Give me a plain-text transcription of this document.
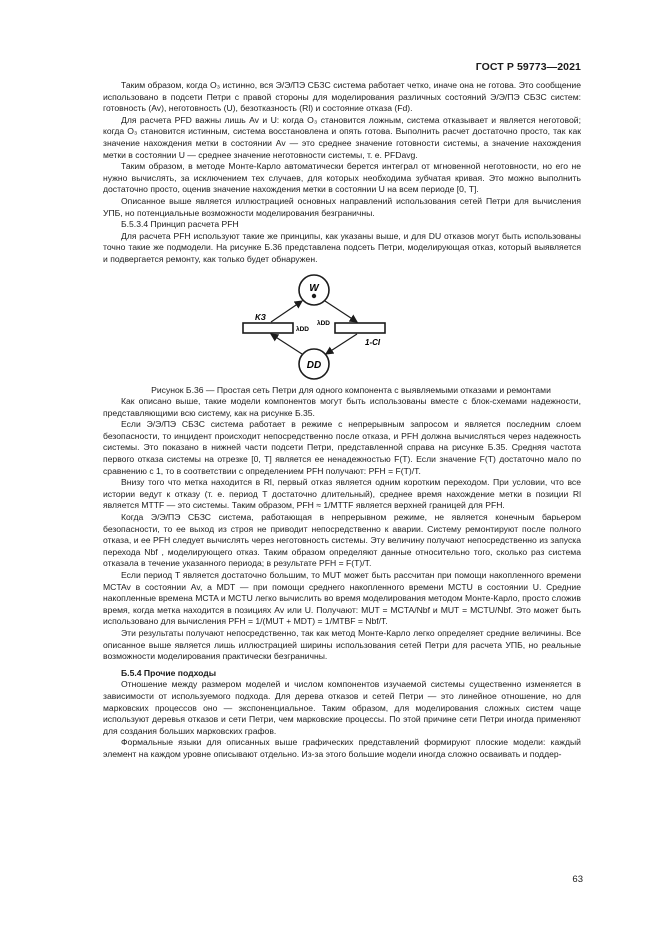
ГОСТ Р 59773—2021

Таким образом, когда O₃ истинно, вся Э/Э/ПЭ СБЗС система работает четко, иначе она не готова. Это сообщение использовано в подсети Петри с правой стороны для моделирования различных состояний Э/Э/ПЭ СБЗС систем: готовность (Av), неготовность (U), безотказность (Rl) и состояние отказа (Fd).

Для расчета PFD важны лишь Av и U: когда O₃ становится ложным, система отказывает и является неготовой; когда O₃ становится истинным, система восстановлена и опять готова. Выполнить расчет достаточно просто, так как значение нахождения метки в состоянии Av — это среднее значение готовности системы, а значение нахождения метки в состоянии U — среднее значение неготовности системы, т. е. PFDavg.

Таким образом, в методе Монте-Карло автоматически берется интеграл от мгновенной неготовности, но его не нужно вычислять, за исключением тех случаев, для которых необходима зубчатая кривая. Это можно выполнить достаточно просто, оценив значение нахождения метки в состоянии U на всем периоде [0, T].

Описанное выше является иллюстрацией основных направлений использования сетей Петри для вычисления УПБ, но потенциальные возможности моделирования безграничны.

Б.5.3.4 Принцип расчета PFH

Для расчета PFH используют такие же принципы, как указаны выше, и для DU отказов могут быть использованы точно такие же подмодели. На рисунке Б.36 представлена подсеть Петри, моделирующая отказ, который выявляется и подвергается ремонту, как только будет обнаружен.

W
DD
KЗ
λDD
λDD
1-CI

Рисунок Б.36 — Простая сеть Петри для одного компонента с выявляемыми отказами и ремонтами

Как описано выше, такие модели компонентов могут быть использованы вместе с блок-схемами надежности, представляющими всю систему, как на рисунке Б.35.

Если Э/Э/ПЭ СБЗС система работает в режиме с непрерывным запросом и является последним слоем безопасности, то инцидент происходит непосредственно после отказа, и PFH должна вычисляться через надежность системы. Это показано в нижней части подсети Петри, представленной справа на рисунке Б.35. Средняя частота первого отказа системы на отрезке [0, T] является ее ненадежностью F(T). Если значение F(T) достаточно мало по сравнению с 1, то в соответствии с определением PFH получают: PFH = F(T)/T.

Внизу того что метка находится в Rl, первый отказ является одним коротким переходом. При условии, что все истории ведут к отказу (т. е. период T достаточно длительный), среднее время нахождение метки в позиции Rl является MTTF — это системы. Таким образом, PFH ≈ 1/MTTF является верхней границей для PFH.

Когда Э/Э/ПЭ СБЗС система, работающая в непрерывном режиме, не является конечным барьером безопасности, то ее выход из строя не приводит непосредственно к аварии. Систему ремонтируют после полного отказа, и ее PFH следует вычислять через неготовность системы. Эту величину получают непосредственно из запуска перехода Nbf , моделирующего отказ. Таким образом определяют данные относительно того, сколько раз система отказала в течение указанного периода; в результате PFH = F(T)/T.

Если период T является достаточно большим, то MUT может быть рассчитан при помощи накопленного времени MCTAv в состоянии Av, а MDT — при помощи среднего накопленного времени MCTU в состоянии U. Средние накопленные времена MCTA и MCTU легко вычислить во время моделирования методом Монте-Карло, просто сложив время, когда метка находится в позициях Av или U. Получают: MUT = MCTA/Nbf и MUT = MCTU/Nbf. Это может быть использовано для вычисления PFH = 1/(MUT + MDT) = 1/MTBF = Nbf/T.

Эти результаты получают непосредственно, так как метод Монте-Карло легко определяет средние величины. Все описанное выше является лишь иллюстрацией ширины использования сетей Петри для расчета УПБ, но реальные возможности моделирования практически безграничны.

Б.5.4 Прочие подходы

Отношение между размером моделей и числом компонентов изучаемой системы существенно изменяется в зависимости от используемого подхода. Для дерева отказов и сетей Петри — это линейное отношение, но для марковских процессов оно — экспоненциальное. Таким образом, для моделирования сложных систем чаще используют деревья отказов и сети Петри, чем марковские процессы. По этой причине сети Петри иногда применяют для создания больших марковских графов.

Формальные языки для описанных выше графических представлений формируют плоские модели: каждый элемент на каждом уровне описывают отдельно. Из-за этого большие модели иногда сложно осваивать и поддер-

63
